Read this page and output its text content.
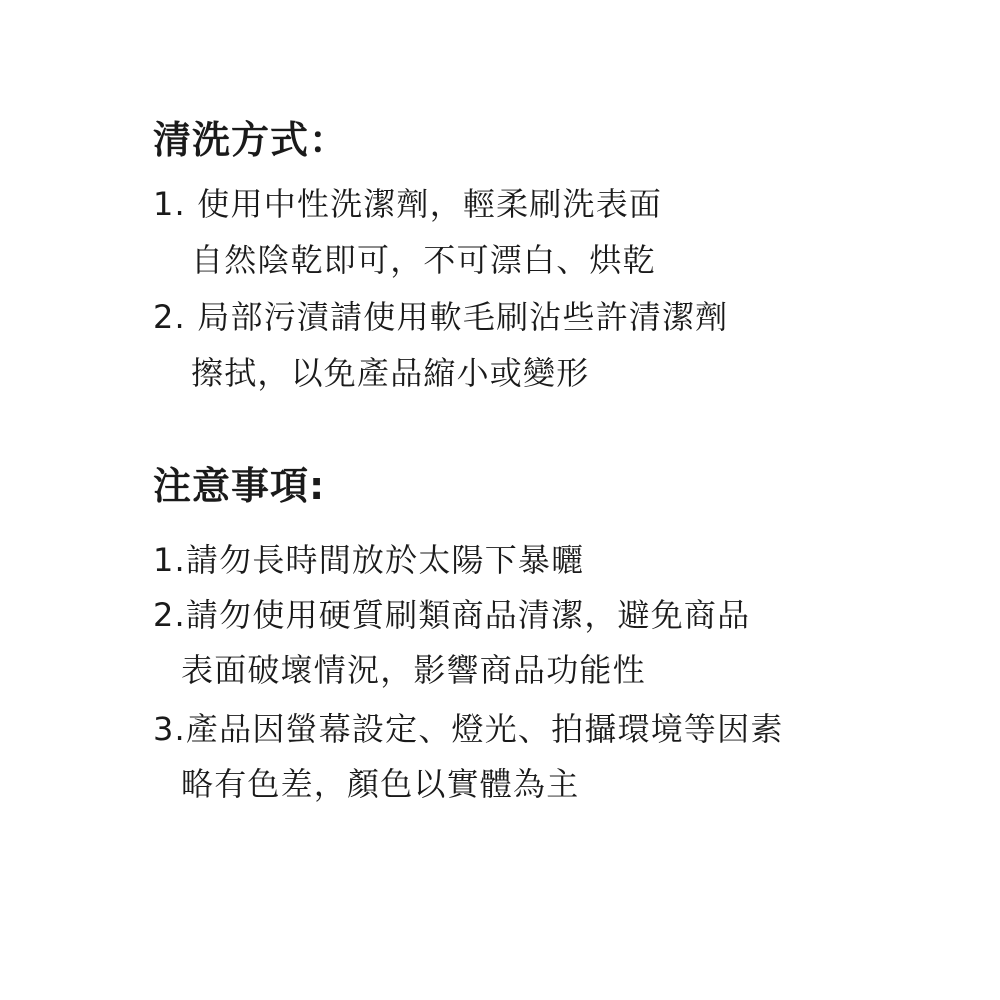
清洗方式：

1. 使用中性洗潔劑，輕柔刷洗表面

自然陰乾即可，不可漂白、烘乾

2. 局部污漬請使用軟毛刷沾些許清潔劑

擦拭，以免產品縮小或變形

注意事項:

1.請勿長時間放於太陽下暴曬

2.請勿使用硬質刷類商品清潔，避免商品

表面破壞情況，影響商品功能性

3.產品因螢幕設定、燈光、拍攝環境等因素

略有色差，顏色以實體為主
